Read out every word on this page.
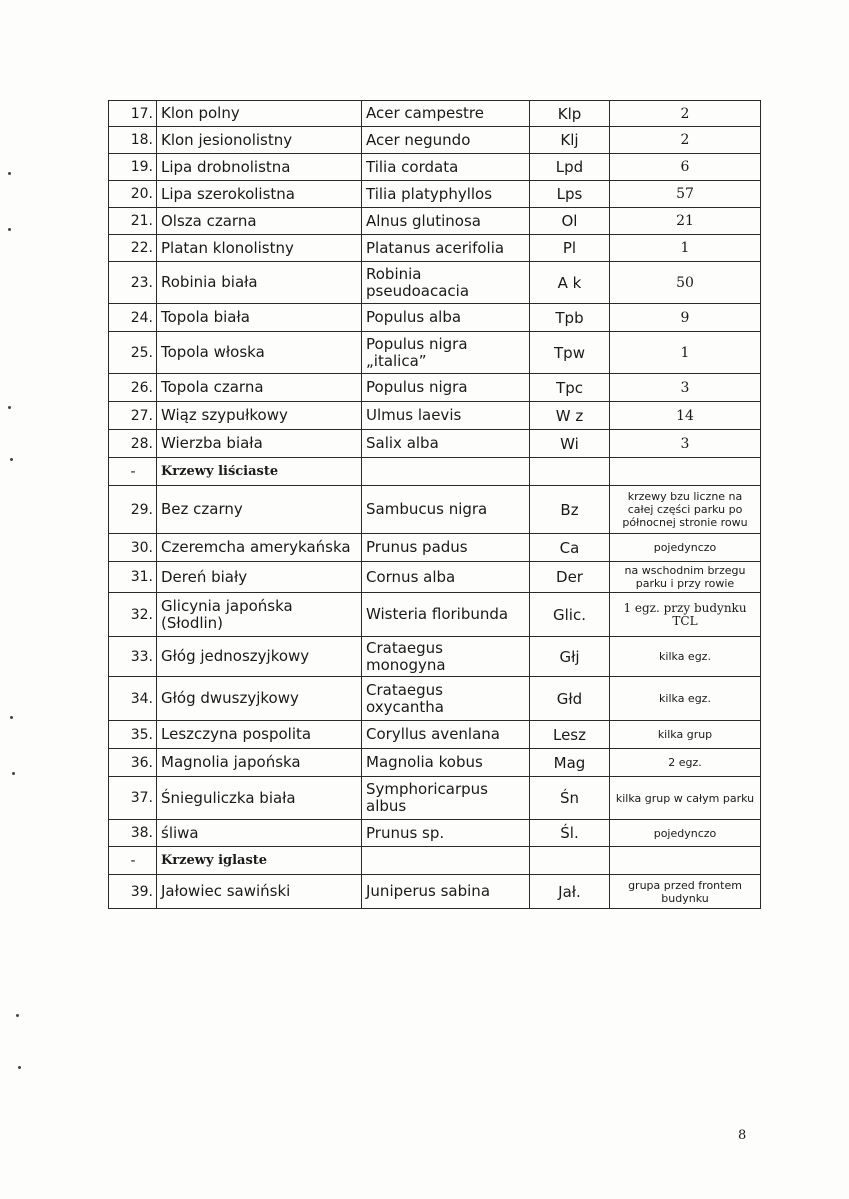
17.	Klon polny	Acer campestre	Klp	2
18.	Klon jesionolistny	Acer negundo	Klj	2
19.	Lipa drobnolistna	Tilia cordata	Lpd	6
20.	Lipa szerokolistna	Tilia platyphyllos	Lps	57
21.	Olsza czarna	Alnus glutinosa	Ol	21
22.	Platan klonolistny	Platanus acerifolia	Pl	1
23.	Robinia biała	Robinia pseudoacacia	A k	50
24.	Topola biała	Populus alba	Tpb	9
25.	Topola włoska	Populus nigra „italica”	Tpw	1
26.	Topola czarna	Populus nigra	Tpc	3
27.	Wiąz szypułkowy	Ulmus laevis	W z	14
28.	Wierzba biała	Salix alba	Wi	3
-	Krzewy liściaste			
29.	Bez czarny	Sambucus nigra	Bz	krzewy bzu liczne na całej części parku po północnej stronie rowu
30.	Czeremcha amerykańska	Prunus padus	Ca	pojedynczo
31.	Dereń biały	Cornus alba	Der	na wschodnim brzegu parku i przy rowie
32.	Glicynia japońska (Słodlin)	Wisteria floribunda	Glic.	1 egz. przy budynku TCL
33.	Głóg jednoszyjkowy	Crataegus monogyna	Głj	kilka egz.
34.	Głóg dwuszyjkowy	Crataegus oxycantha	Głd	kilka egz.
35.	Leszczyna pospolita	Coryllus avenlana	Lesz	kilka grup
36.	Magnolia japońska	Magnolia kobus	Mag	2 egz.
37.	Śnieguliczka biała	Symphoricarpus albus	Śn	kilka grup w całym parku
38.	śliwa	Prunus sp.	Śl.	pojedynczo
-	Krzewy iglaste			
39.	Jałowiec sawiński	Juniperus sabina	Jał.	grupa przed frontem budynku
8
